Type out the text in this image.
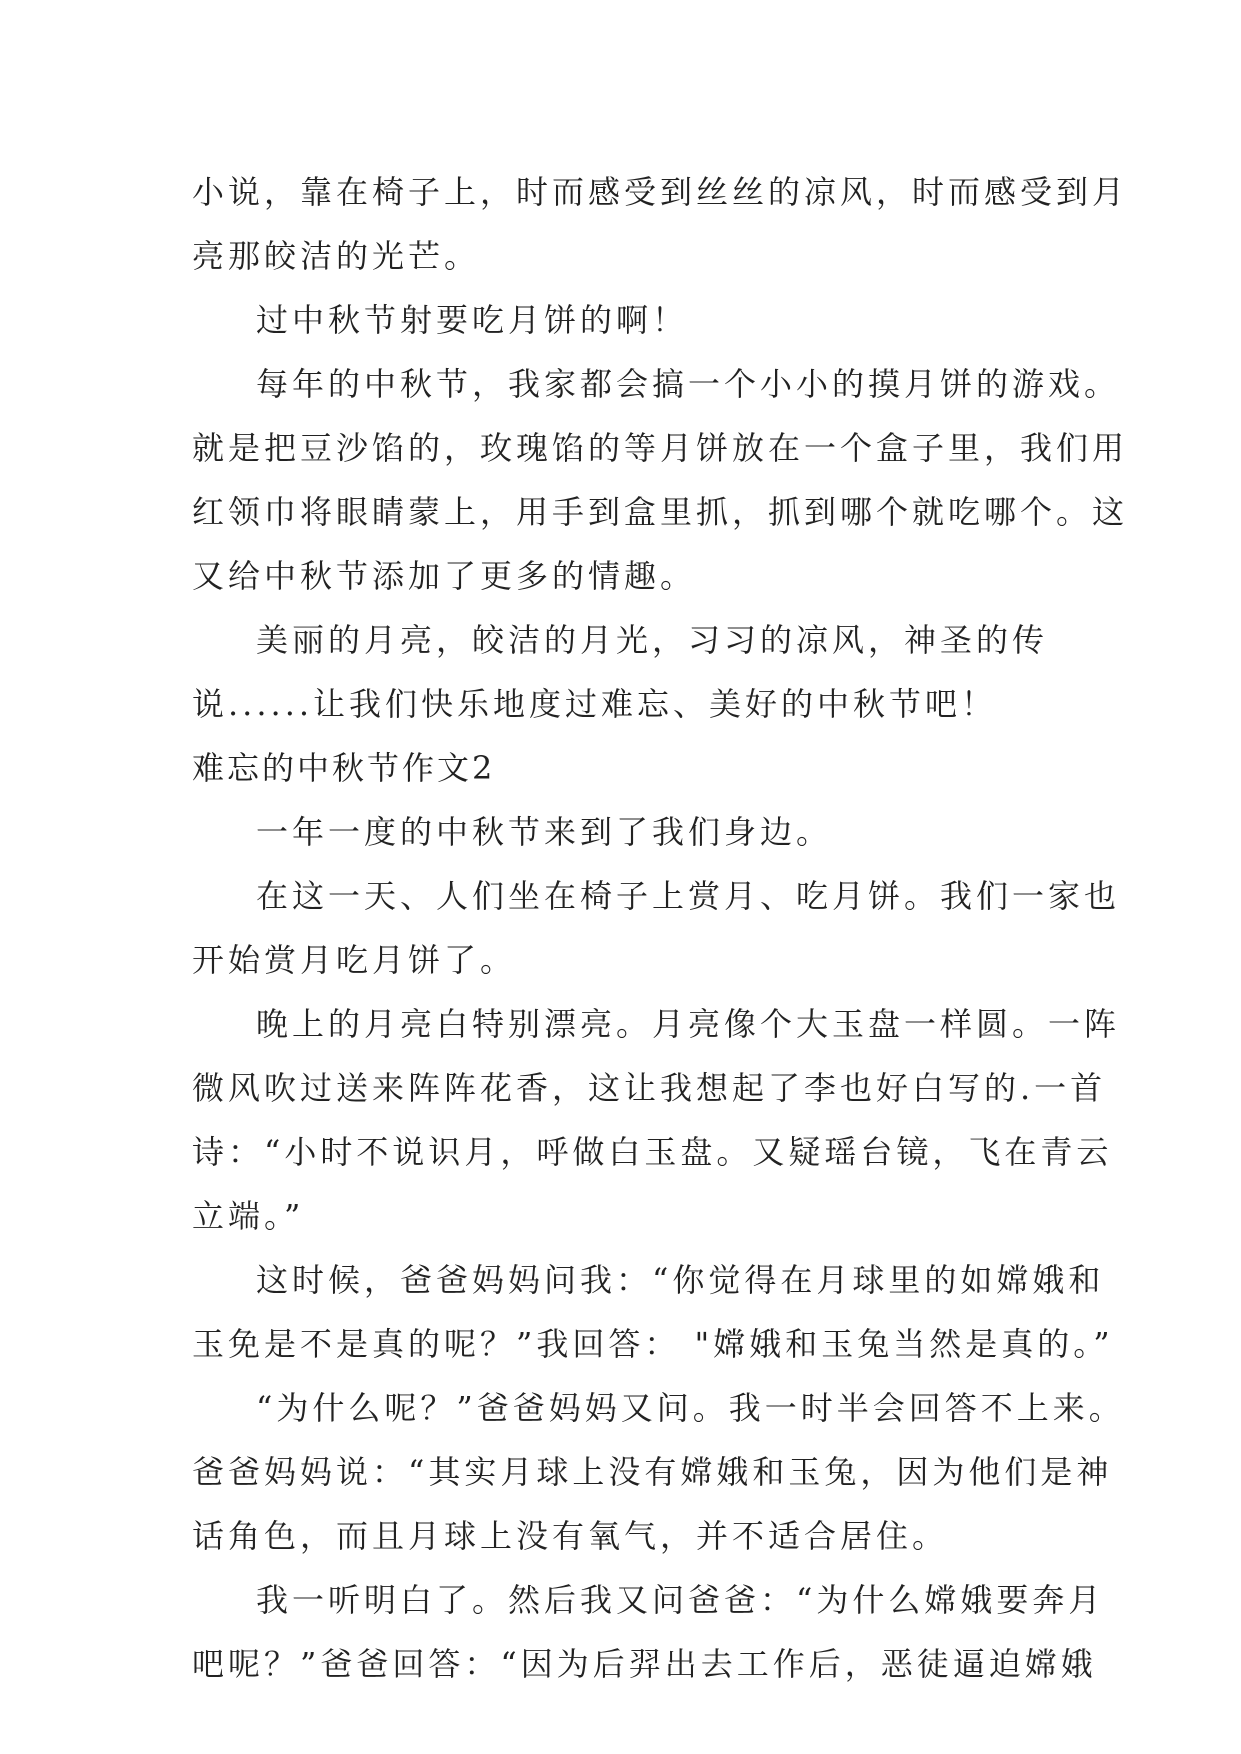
小说，靠在椅子上，时而感受到丝丝的凉风，时而感受到月
亮那皎洁的光芒。
过中秋节射要吃月饼的啊！
每年的中秋节，我家都会搞一个小小的摸月饼的游戏。
就是把豆沙馅的，玫瑰馅的等月饼放在一个盒子里，我们用
红领巾将眼睛蒙上，用手到盒里抓，抓到哪个就吃哪个。这
又给中秋节添加了更多的情趣。
美丽的月亮，皎洁的月光，习习的凉风，神圣的传
说......让我们快乐地度过难忘、美好的中秋节吧！
难忘的中秋节作文2
一年一度的中秋节来到了我们身边。
在这一天、人们坐在椅子上赏月、吃月饼。我们一家也
开始赏月吃月饼了。
晚上的月亮白特别漂亮。月亮像个大玉盘一样圆。一阵
微风吹过送来阵阵花香，这让我想起了李也好白写的.一首
诗：“小时不说识月，呼做白玉盘。又疑瑶台镜，飞在青云
立端。”
这时候，爸爸妈妈问我：“你觉得在月球里的如嫦娥和
玉免是不是真的呢？”我回答： "嫦娥和玉兔当然是真的。”
“为什么呢？”爸爸妈妈又问。我一时半会回答不上来。
爸爸妈妈说：“其实月球上没有嫦娥和玉兔，因为他们是神
话角色，而且月球上没有氧气，并不适合居住。
我一听明白了。然后我又问爸爸：“为什么嫦娥要奔月
吧呢？”爸爸回答：“因为后羿出去工作后，恶徒逼迫嫦娥
